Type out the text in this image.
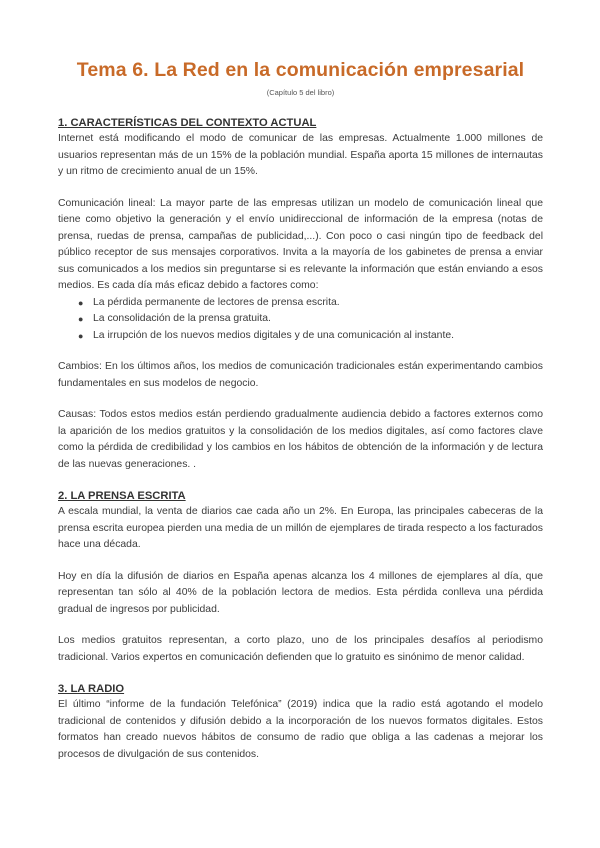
Tema 6. La Red en la comunicación empresarial
(Capítulo 5 del libro)
1. CARACTERÍSTICAS DEL CONTEXTO ACTUAL

Internet está modificando el modo de comunicar de las empresas. Actualmente 1.000 millones de usuarios representan más de un 15% de la población mundial. España aporta 15 millones de internautas y un ritmo de crecimiento anual de un 15%.

Comunicación lineal: La mayor parte de las empresas utilizan un modelo de comunicación lineal que tiene como objetivo la generación y el envío unidireccional de información de la empresa (notas de prensa, ruedas de prensa, campañas de publicidad,...). Con poco o casi ningún tipo de feedback del público receptor de sus mensajes corporativos. Invita a la mayoría de los gabinetes de prensa a enviar sus comunicados a los medios sin preguntarse si es relevante la información que están enviando a esos medios. Es cada día más eficaz debido a factores como:

● La pérdida permanente de lectores de prensa escrita.
● La consolidación de la prensa gratuita.
● La irrupción de los nuevos medios digitales y de una comunicación al instante.

Cambios: En los últimos años, los medios de comunicación tradicionales están experimentando cambios fundamentales en sus modelos de negocio.

Causas: Todos estos medios están perdiendo gradualmente audiencia debido a factores externos como la aparición de los medios gratuitos y la consolidación de los medios digitales, así como factores clave como la pérdida de credibilidad y los cambios en los hábitos de obtención de la información y de lectura de las nuevas generaciones. .

2. LA PRENSA ESCRITA

A escala mundial, la venta de diarios cae cada año un 2%. En Europa, las principales cabeceras de la prensa escrita europea pierden una media de un millón de ejemplares de tirada respecto a los facturados hace una década.

Hoy en día la difusión de diarios en España apenas alcanza los 4 millones de ejemplares al día, que representan tan sólo al 40% de la población lectora de medios. Esta pérdida conlleva una pérdida gradual de ingresos por publicidad.

Los medios gratuitos representan, a corto plazo, uno de los principales desafíos al periodismo tradicional. Varios expertos en comunicación defienden que lo gratuito es sinónimo de menor calidad.

3. LA RADIO

El último “informe de la fundación Telefónica” (2019) indica que la radio está agotando el modelo tradicional de contenidos y difusión debido a la incorporación de los nuevos formatos digitales. Estos formatos han creado nuevos hábitos de consumo de radio que obliga a las cadenas a mejorar los procesos de divulgación de sus contenidos.
